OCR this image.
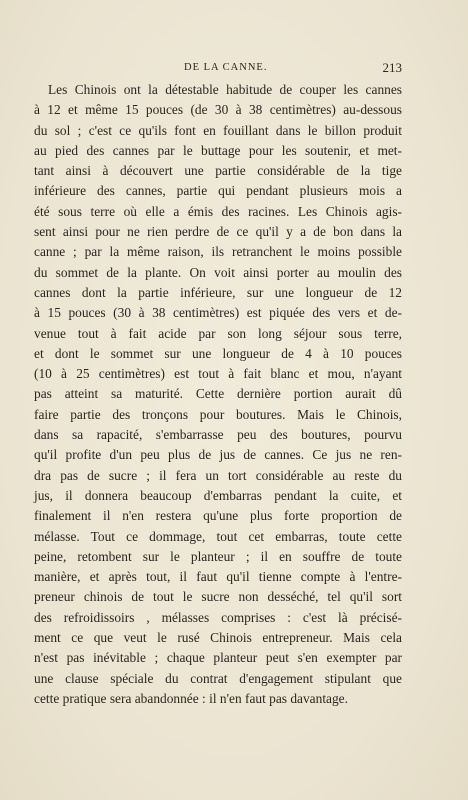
DE LA CANNE.	213
Les Chinois ont la détestable habitude de couper les cannes
à 12 et même 15 pouces (de 30 à 38 centimètres) au-dessous
du sol ; c'est ce qu'ils font en fouillant dans le billon produit
au pied des cannes par le buttage pour les soutenir, et met-
tant ainsi à découvert une partie considérable de la tige
inférieure des cannes, partie qui pendant plusieurs mois a
été sous terre où elle a émis des racines. Les Chinois agis-
sent ainsi pour ne rien perdre de ce qu'il y a de bon dans la
canne ; par la même raison, ils retranchent le moins possible
du sommet de la plante. On voit ainsi porter au moulin des
cannes dont la partie inférieure, sur une longueur de 12
à 15 pouces (30 à 38 centimètres) est piquée des vers et de-
venue tout à fait acide par son long séjour sous terre,
et dont le sommet sur une longueur de 4 à 10 pouces
(10 à 25 centimètres) est tout à fait blanc et mou, n'ayant
pas atteint sa maturité. Cette dernière portion aurait dû
faire partie des tronçons pour boutures. Mais le Chinois,
dans sa rapacité, s'embarrasse peu des boutures, pourvu
qu'il profite d'un peu plus de jus de cannes. Ce jus ne ren-
dra pas de sucre ; il fera un tort considérable au reste du
jus, il donnera beaucoup d'embarras pendant la cuite, et
finalement il n'en restera qu'une plus forte proportion de
mélasse. Tout ce dommage, tout cet embarras, toute cette
peine, retombent sur le planteur ; il en souffre de toute
manière, et après tout, il faut qu'il tienne compte à l'entre-
preneur chinois de tout le sucre non desséché, tel qu'il sort
des refroidissoirs , mélasses comprises : c'est là précisé-
ment ce que veut le rusé Chinois entrepreneur. Mais cela
n'est pas inévitable ; chaque planteur peut s'en exempter par
une clause spéciale du contrat d'engagement stipulant que
cette pratique sera abandonnée : il n'en faut pas davantage.
